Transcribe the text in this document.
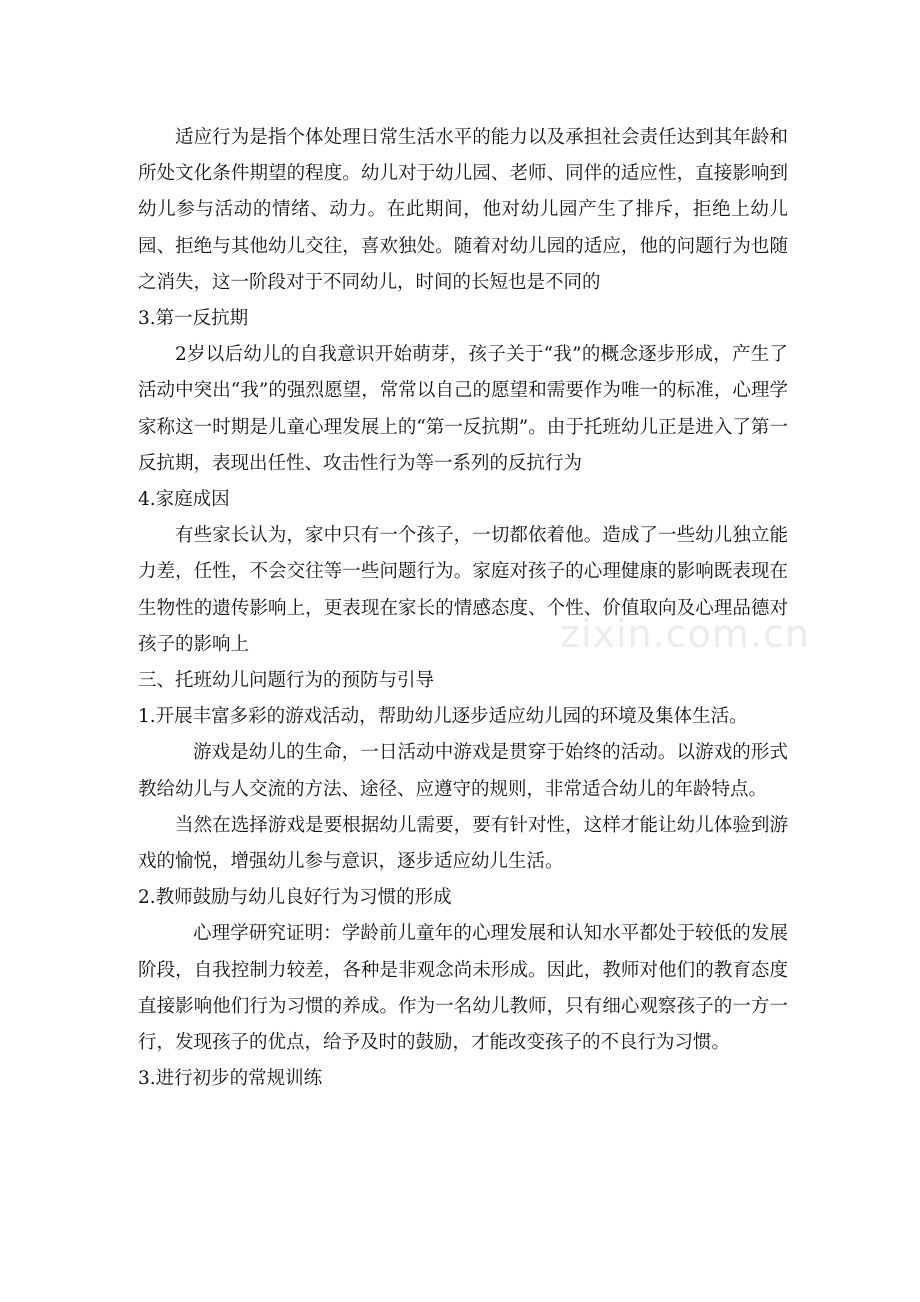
适应行为是指个体处理日常生活水平的能力以及承担社会责任达到其年龄和所处文化条件期望的程度。幼儿对于幼儿园、老师、同伴的适应性，直接影响到幼儿参与活动的情绪、动力。在此期间，他对幼儿园产生了排斥，拒绝上幼儿园、拒绝与其他幼儿交往，喜欢独处。随着对幼儿园的适应，他的问题行为也随之消失，这一阶段对于不同幼儿，时间的长短也是不同的

3.第一反抗期

2岁以后幼儿的自我意识开始萌芽，孩子关于“我”的概念逐步形成，产生了活动中突出“我”的强烈愿望，常常以自己的愿望和需要作为唯一的标准，心理学家称这一时期是儿童心理发展上的“第一反抗期”。由于托班幼儿正是进入了第一反抗期，表现出任性、攻击性行为等一系列的反抗行为

4.家庭成因

有些家长认为，家中只有一个孩子，一切都依着他。造成了一些幼儿独立能力差，任性，不会交往等一些问题行为。家庭对孩子的心理健康的影响既表现在生物性的遗传影响上，更表现在家长的情感态度、个性、价值取向及心理品德对孩子的影响上

三、托班幼儿问题行为的预防与引导

1.开展丰富多彩的游戏活动，帮助幼儿逐步适应幼儿园的环境及集体生活。

游戏是幼儿的生命，一日活动中游戏是贯穿于始终的活动。以游戏的形式教给幼儿与人交流的方法、途径、应遵守的规则，非常适合幼儿的年龄特点。

当然在选择游戏是要根据幼儿需要，要有针对性，这样才能让幼儿体验到游戏的愉悦，增强幼儿参与意识，逐步适应幼儿生活。

2.教师鼓励与幼儿良好行为习惯的形成

心理学研究证明：学龄前儿童年的心理发展和认知水平都处于较低的发展阶段，自我控制力较差，各种是非观念尚未形成。因此，教师对他们的教育态度直接影响他们行为习惯的养成。作为一名幼儿教师，只有细心观察孩子的一方一行，发现孩子的优点，给予及时的鼓励，才能改变孩子的不良行为习惯。

3.进行初步的常规训练

zixin.com.cn
